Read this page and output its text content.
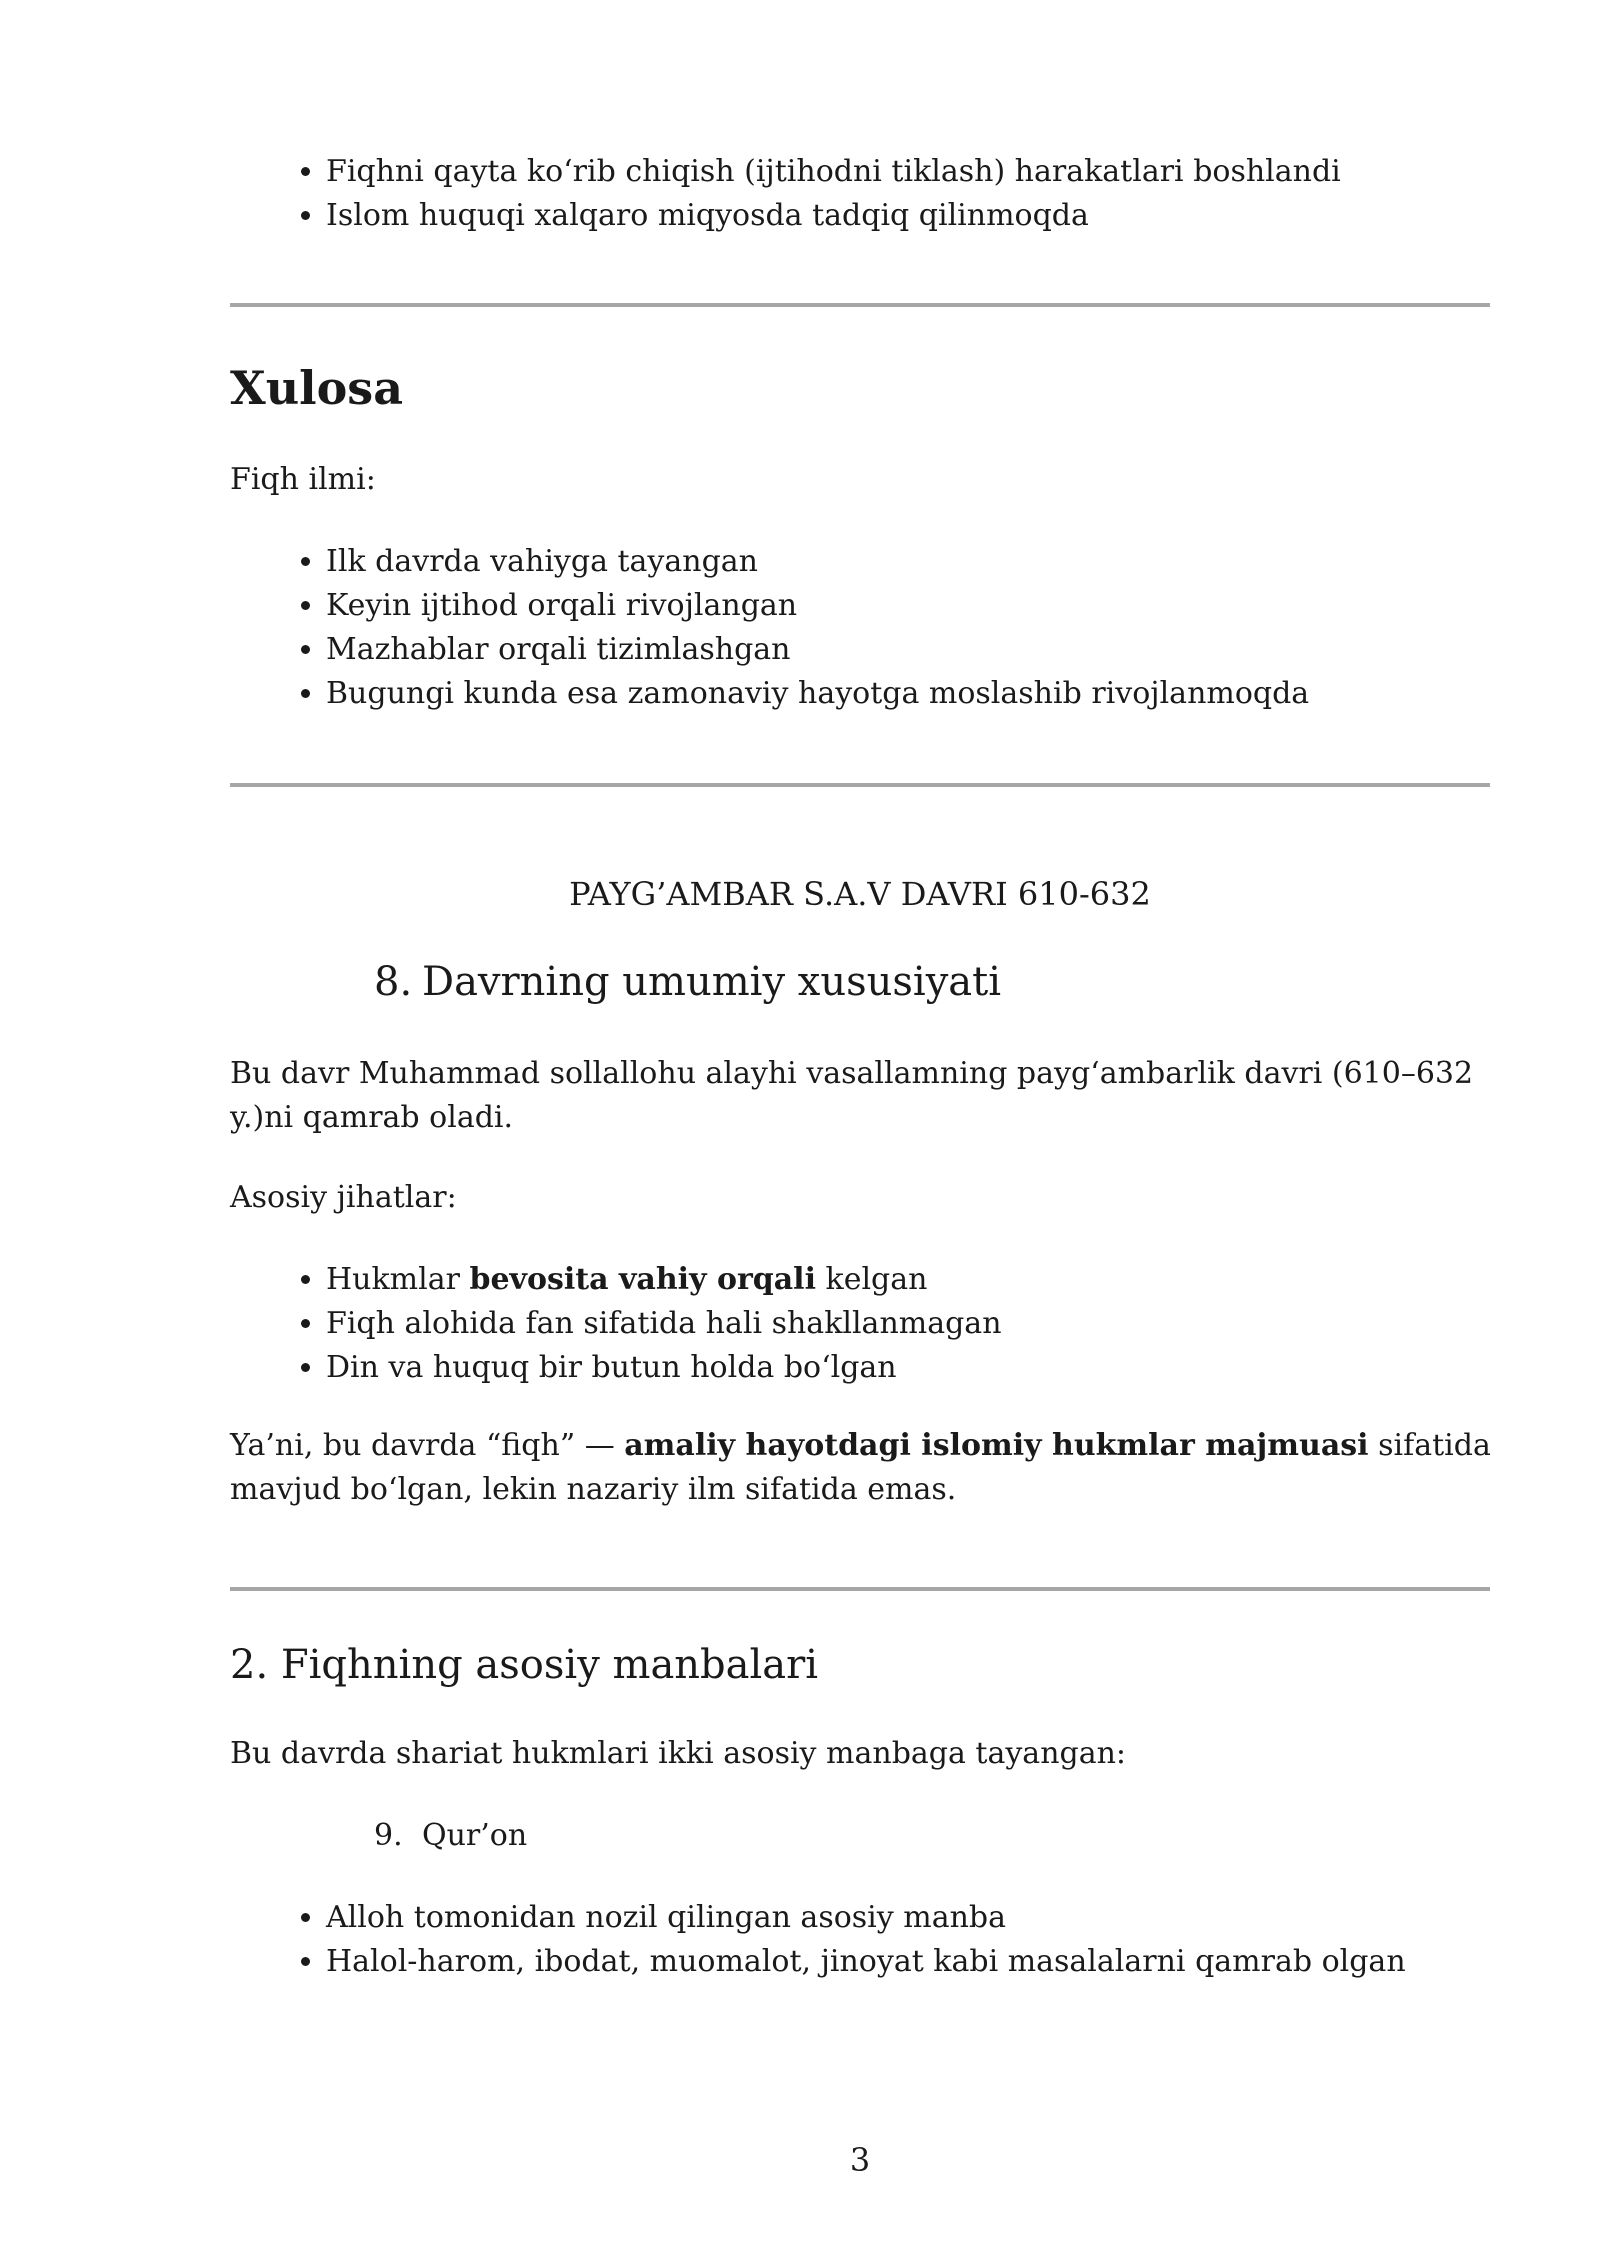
• Fiqhni qayta ko‘rib chiqish (ijtihodni tiklash) harakatlari boshlandi
• Islom huquqi xalqaro miqyosda tadqiq qilinmoqda
Xulosa

Fiqh ilmi:

• Ilk davrda vahiyga tayangan
• Keyin ijtihod orqali rivojlangan
• Mazhablar orqali tizimlashgan
• Bugungi kunda esa zamonaviy hayotga moslashib rivojlanmoqda

PAYG’AMBAR S.A.V DAVRI 610-632

8. Davrning umumiy xususiyati

Bu davr Muhammad sollallohu alayhi vasallamning payg‘ambarlik davri (610–632 y.)ni qamrab oladi.

Asosiy jihatlar:

• Hukmlar bevosita vahiy orqali kelgan
• Fiqh alohida fan sifatida hali shakllanmagan
• Din va huquq bir butun holda bo‘lgan

Ya’ni, bu davrda “fiqh” — amaliy hayotdagi islomiy hukmlar majmuasi sifatida mavjud bo‘lgan, lekin nazariy ilm sifatida emas.

2. Fiqhning asosiy manbalari

Bu davrda shariat hukmlari ikki asosiy manbaga tayangan:

9. Qur’on

• Alloh tomonidan nozil qilingan asosiy manba
• Halol-harom, ibodat, muomalot, jinoyat kabi masalalarni qamrab olgan

3
